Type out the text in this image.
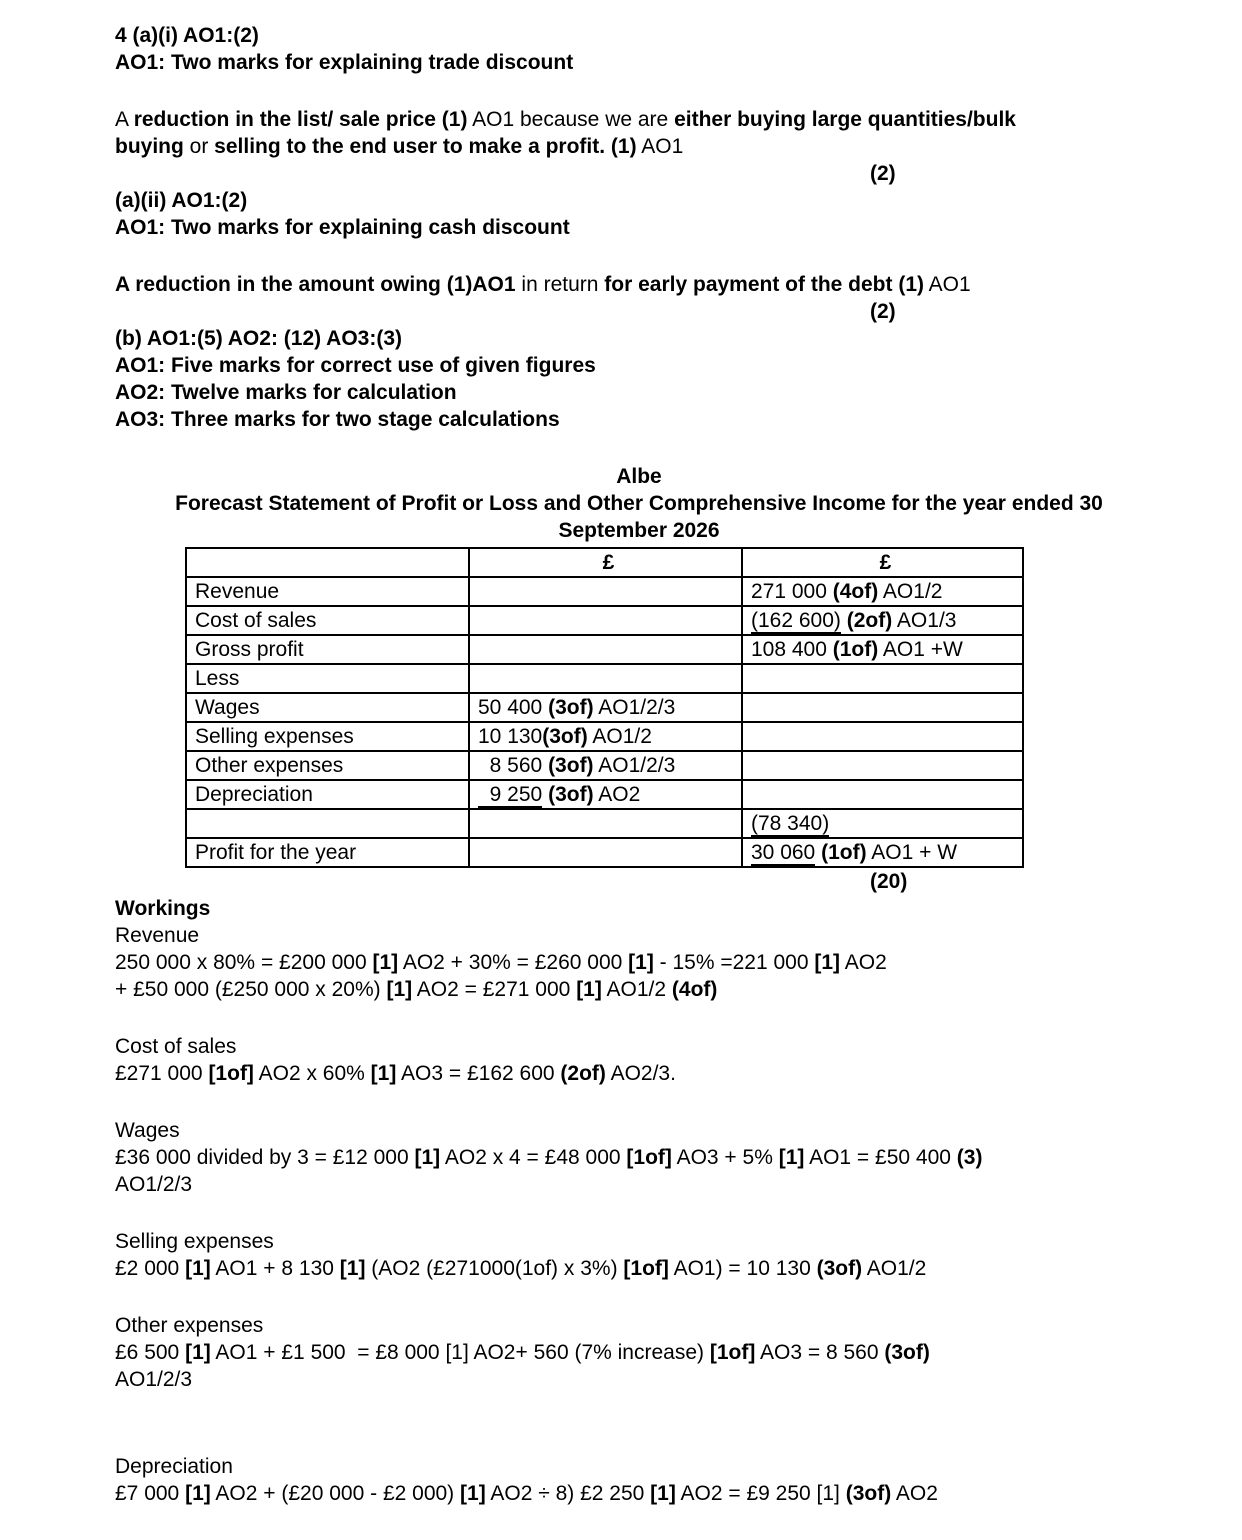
4 (a)(i) AO1:(2)
AO1: Two marks for explaining trade discount
A reduction in the list/ sale price (1) AO1 because we are either buying large quantities/bulk
buying or selling to the end user to make a profit. (1) AO1
(2)
(a)(ii) AO1:(2)
AO1: Two marks for explaining cash discount
A reduction in the amount owing (1)AO1 in return for early payment of the debt (1) AO1
(2)
(b) AO1:(5) AO2: (12) AO3:(3)
AO1: Five marks for correct use of given figures
AO2: Twelve marks for calculation
AO3: Three marks for two stage calculations
Albe
Forecast Statement of Profit or Loss and Other Comprehensive Income for the year ended 30
September 2026
	£	£
Revenue		271 000 (4of) AO1/2
Cost of sales		(162 600) (2of) AO1/3
Gross profit		108 400 (1of) AO1 +W
Less		
Wages	50 400 (3of) AO1/2/3	
Selling expenses	10 130(3of) AO1/2	
Other expenses	8 560 (3of) AO1/2/3	
Depreciation	9 250 (3of) AO2	
		(78 340)
Profit for the year		30 060 (1of) AO1 + W
(20)
Workings
Revenue
250 000 x 80% = £200 000 [1] AO2 + 30% = £260 000 [1] - 15% =221 000 [1] AO2
+ £50 000 (£250 000 x 20%) [1] AO2 = £271 000 [1] AO1/2 (4of)
Cost of sales
£271 000 [1of] AO2 x 60% [1] AO3 = £162 600 (2of) AO2/3.
Wages
£36 000 divided by 3 = £12 000 [1] AO2 x 4 = £48 000 [1of] AO3 + 5% [1] AO1 = £50 400 (3)
AO1/2/3
Selling expenses
£2 000 [1] AO1 + 8 130 [1] (AO2 (£271000(1of) x 3%) [1of] AO1) = 10 130 (3of) AO1/2
Other expenses
£6 500 [1] AO1 + £1 500  = £8 000 [1] AO2+ 560 (7% increase) [1of] AO3 = 8 560 (3of)
AO1/2/3
Depreciation
£7 000 [1] AO2 + (£20 000 - £2 000) [1] AO2 ÷ 8) £2 250 [1] AO2 = £9 250 [1] (3of) AO2
